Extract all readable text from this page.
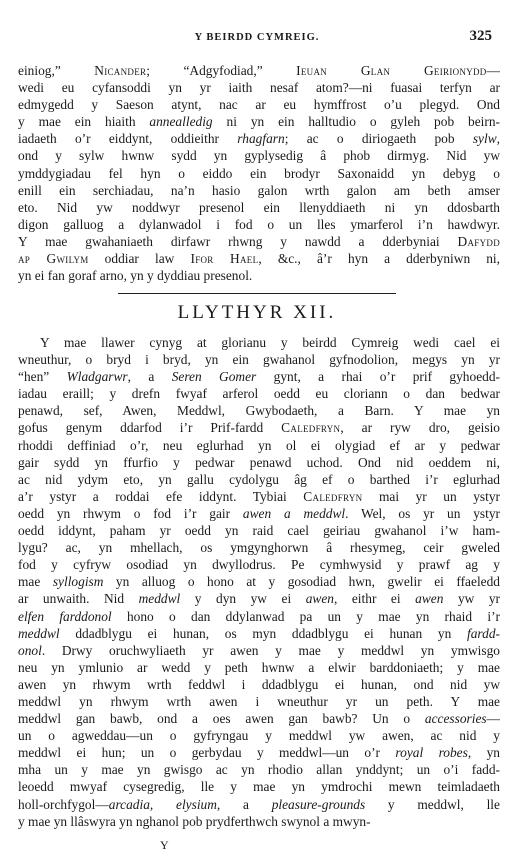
Y BEIRDD CYMREIG.	325
einiog,” Nicander; “Adgyfodiad,” Ieuan Glan Geirionydd—
wedi eu cyfansoddi yn yr iaith nesaf atom?—ni fuasai terfyn ar
edmygedd y Saeson atynt, nac ar eu hymffrost o’u plegyd. Ond
y mae ein hiaith annealledig ni yn ein halltudio o gyleh pob beirn-
iadaeth o’r eiddynt, oddieithr rhagfarn; ac o diriogaeth pob sylw,
ond y sylw hwnw sydd yn gyplysedig â phob dirmyg. Nid yw
ymddygiadau fel hyn o eiddo ein brodyr Saxonaidd yn debyg o
enill ein serchiadau, na’n hasio galon wrth galon am beth amser
eto. Nid yw noddwyr presenol ein llenyddiaeth ni yn ddosbarth
digon galluog a dylanwadol i fod o un lles ymarferol i’n hawdwyr.
Y mae gwahaniaeth dirfawr rhwng y nawdd a dderbyniai Dafydd
ap Gwilym oddiar law Ifor Hael, &c., â’r hyn a dderbyniwn ni,
yn ei fan goraf arno, yn y dyddiau presenol.
LLYTHYR XII.
Y mae llawer cynyg at glorianu y beirdd Cymreig wedi cael ei
wneuthur, o bryd i bryd, yn ein gwahanol gyfnodolion, megys yn yr
“hen” Wladgarwr, a Seren Gomer gynt, a rhai o’r prif gyhoedd-
iadau eraill; y drefn fwyaf arferol oedd eu cloriann o dan bedwar
penawd, sef, Awen, Meddwl, Gwybodaeth, a Barn. Y mae yn
gofus genym ddarfod i’r Prif-fardd Caledfryn, ar ryw dro, geisio
rhoddi deffiniad o’r, neu eglurhad yn ol ei olygiad ef ar y pedwar
gair sydd yn ffurfio y pedwar penawd uchod. Ond nid oeddem ni,
ac nid ydym eto, yn gallu cydolygu âg ef o barthed i’r eglurhad
a’r ystyr a roddai efe iddynt. Tybiai Caledfryn mai yr un ystyr
oedd yn rhwym o fod i’r gair awen a meddwl. Wel, os yr un ystyr
oedd iddynt, paham yr oedd yn raid cael geiriau gwahanol i’w ham-
lygu? ac, yn mhellach, os ymgynghorwn â rhesymeg, ceir gweled
fod y cyfryw osodiad yn dwyllodrus. Pe cymhwysid y prawf ag y
mae syllogism yn alluog o hono at y gosodiad hwn, gwelir ei ffaeledd
ar unwaith. Nid meddwl y dyn yw ei awen, eithr ei awen yw yr
elfen farddonol hono o dan ddylanwad pa un y mae yn rhaid i’r
meddwl ddadblygu ei hunan, os myn ddadblygu ei hunan yn fardd-
onol. Drwy oruchwyliaeth yr awen y mae y meddwl yn ymwisgo
neu yn ymlunio ar wedd y peth hwnw a elwir barddoniaeth; y mae
awen yn rhwym wrth feddwl i ddadblygu ei hunan, ond nid yw
meddwl yn rhwym wrth awen i wneuthur yr un peth. Y mae
meddwl gan bawb, ond a oes awen gan bawb? Un o accessories—
un o agweddau—un o gyfryngau y meddwl yw awen, ac nid y
meddwl ei hun; un o gerbydau y meddwl—un o’r royal robes, yn
mha un y mae yn gwisgo ac yn rhodio allan ynddynt; un o’i fadd-
leoedd mwyaf cysegredig, lle y mae yn ymdrochi mewn teimladaeth
holl-orchfygol—arcadia, elysium, a pleasure-grounds y meddwl, lle
y mae yn llâswyra yn nghanol pob prydferthwch swynol a mwyn-
Y
